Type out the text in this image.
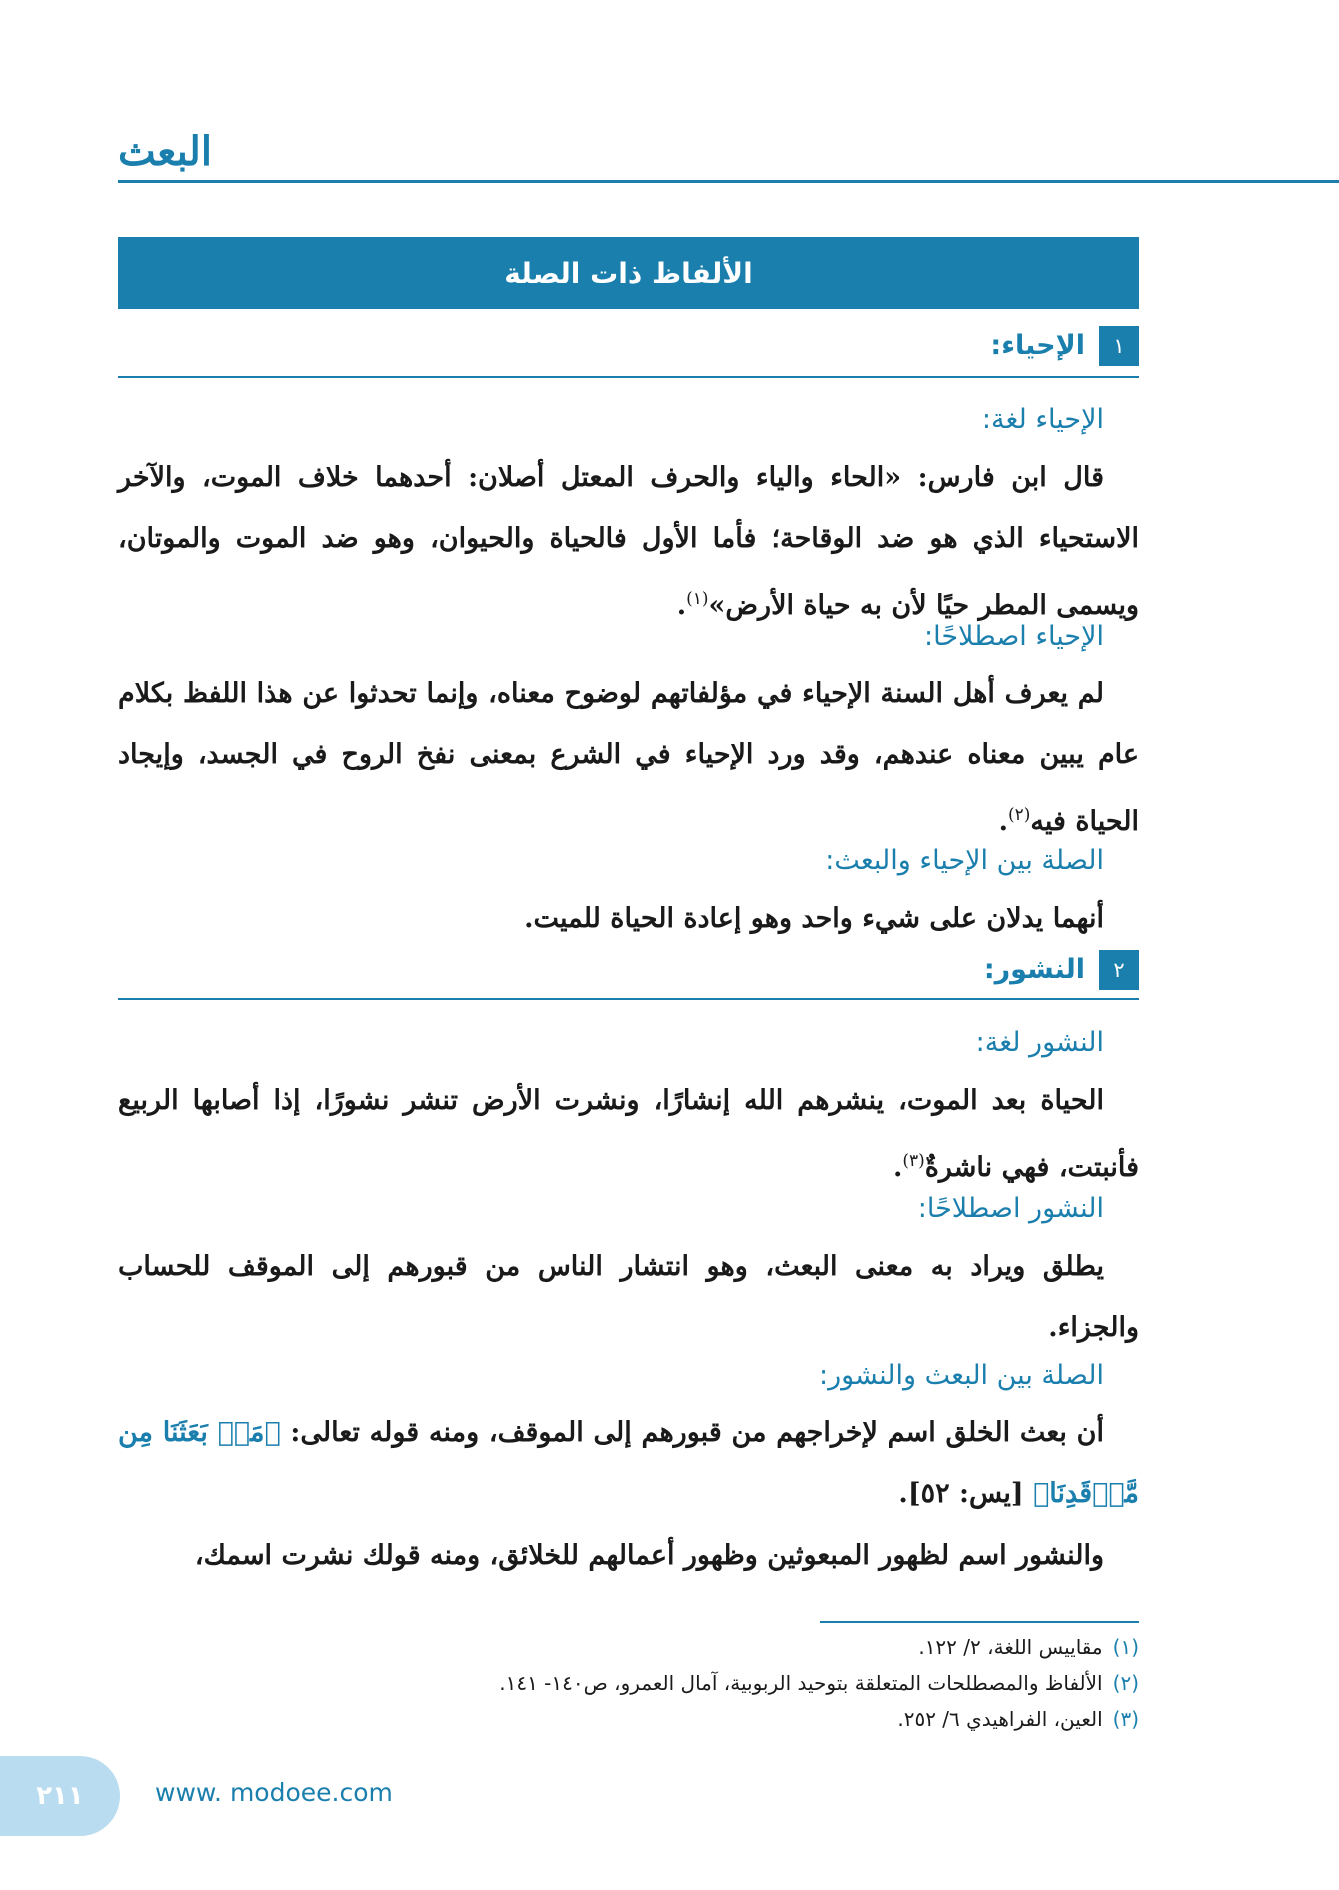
البعث
الألفاظ ذات الصلة
١
الإحياء:

الإحياء لغة:

قال ابن فارس: «الحاء والياء والحرف المعتل أصلان: أحدهما خلاف الموت، والآخر الاستحياء الذي هو ضد الوقاحة؛ فأما الأول فالحياة والحيوان، وهو ضد الموت والموتان، ويسمى المطر حيًا لأن به حياة الأرض»$^{(١)}$.

الإحياء اصطلاحًا:

لم يعرف أهل السنة الإحياء في مؤلفاتهم لوضوح معناه، وإنما تحدثوا عن هذا اللفظ بكلام عام يبين معناه عندهم، وقد ورد الإحياء في الشرع بمعنى نفخ الروح في الجسد، وإيجاد الحياة فيه$^{(٢)}$.

الصلة بين الإحياء والبعث:

أنهما يدلان على شيء واحد وهو إعادة الحياة للميت.

٢
النشور:

النشور لغة:

الحياة بعد الموت، ينشرهم الله إنشارًا، ونشرت الأرض تنشر نشورًا، إذا أصابها الربيع فأنبتت، فهي ناشرةٌ$^{(٣)}$.

النشور اصطلاحًا:

يطلق ويراد به معنى البعث، وهو انتشار الناس من قبورهم إلى الموقف للحساب والجزاء.

الصلة بين البعث والنشور:

أن بعث الخلق اسم لإخراجهم من قبورهم إلى الموقف، ومنه قوله تعالى: ﴿مَنۢ بَعَثَنَا مِن مَّرۡقَدِنَا﴾ [يس: ٥٢].

والنشور اسم لظهور المبعوثين وظهور أعمالهم للخلائق، ومنه قولك نشرت اسمك،

(١)مقاييس اللغة، ٢/ ١٢٢.

(٢)الألفاظ والمصطلحات المتعلقة بتوحيد الربوبية، آمال العمرو، ص١٤٠- ١٤١.

(٣)العين، الفراهيدي ٦/ ٢٥٢.

٢١١	www. modoee.com
